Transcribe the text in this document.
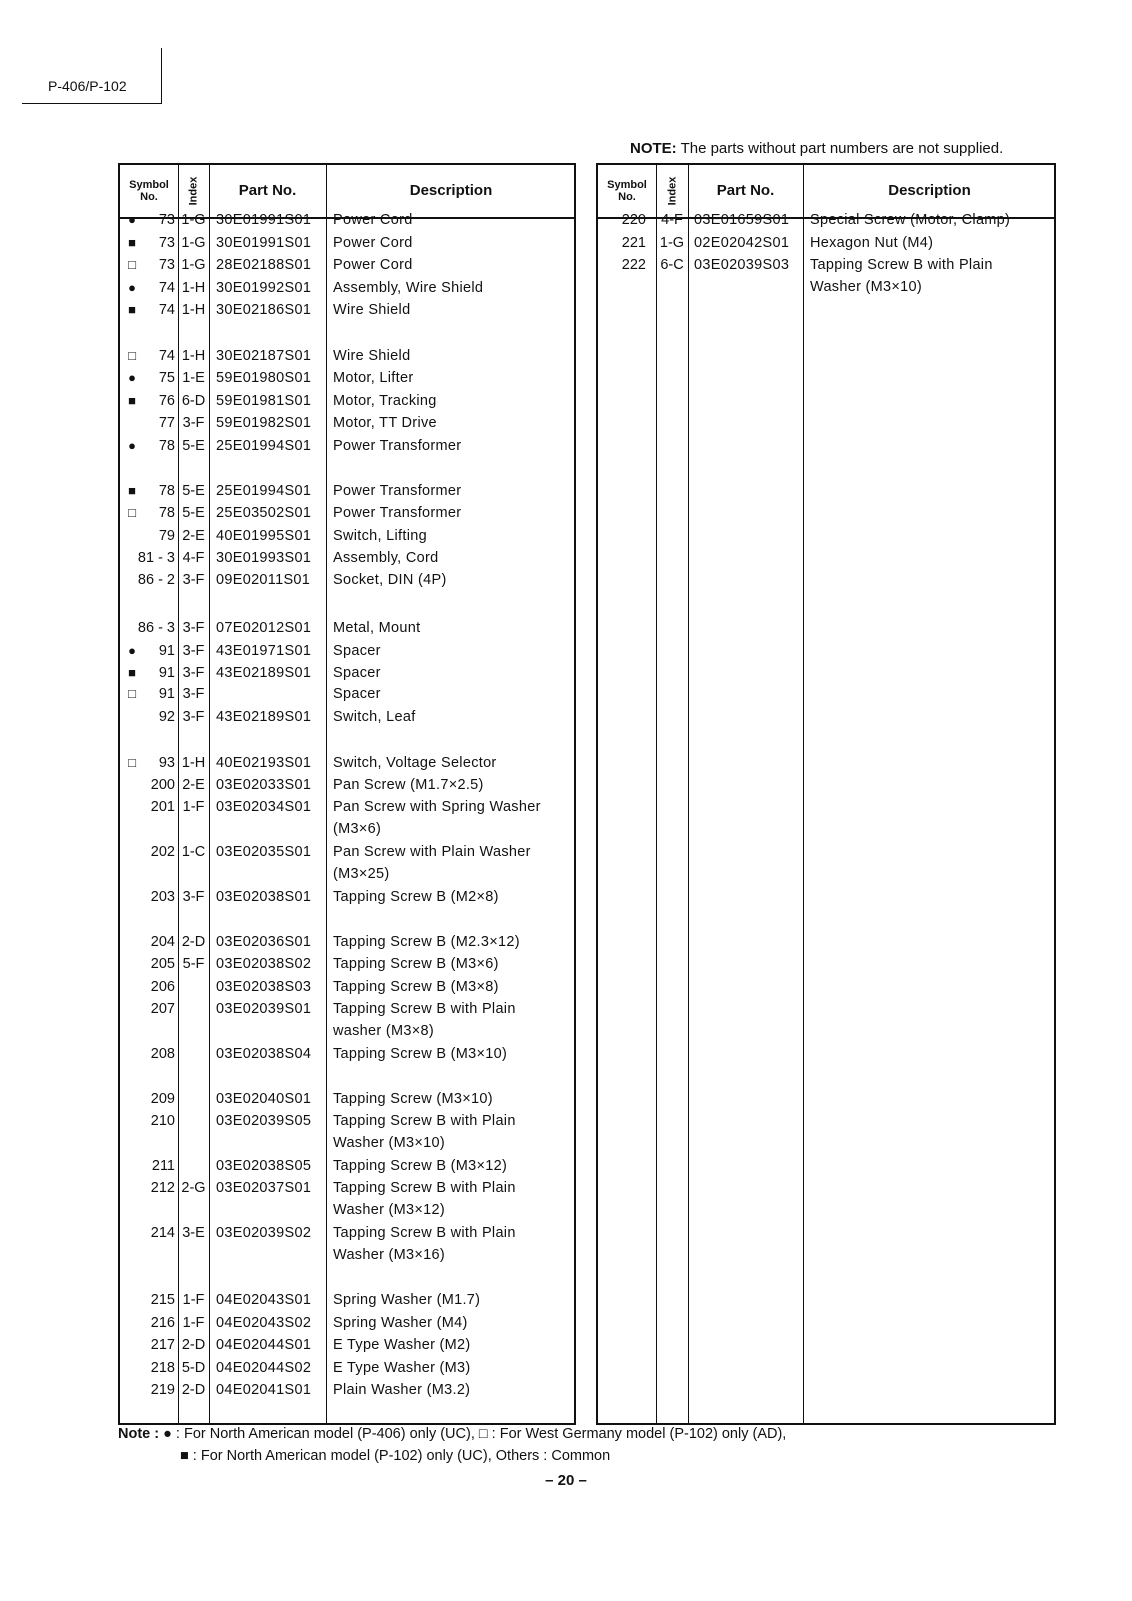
P-406/P-102
NOTE: The parts without part numbers are not supplied.
Symbol No.	Index	Part No.	Description
●	73 1-G 30E01991S01 Power Cord
■	73 1-G 30E01991S01 Power Cord
□	73 1-G 28E02188S01 Power Cord
●	74 1-H 30E01992S01 Assembly, Wire Shield
■	74 1-H 30E02186S01 Wire Shield
□	74 1-H 30E02187S01 Wire Shield
●	75 1-E 59E01980S01 Motor, Lifter
■	76 6-D 59E01981S01 Motor, Tracking
77 3-F 59E01982S01 Motor, TT Drive
●	78 5-E 25E01994S01 Power Transformer
■	78 5-E 25E01994S01 Power Transformer
□	78 5-E 25E03502S01 Power Transformer
79 2-E 40E01995S01 Switch, Lifting
81 - 3 4-F 30E01993S01 Assembly, Cord
86 - 2 3-F 09E02011S01 Socket, DIN (4P)
86 - 3 3-F 07E02012S01 Metal, Mount
●	91 3-F 43E01971S01 Spacer
■	91 3-F 43E02189S01 Spacer
□	91 3-F	Spacer
92 3-F 43E02189S01 Switch, Leaf
□	93 1-H 40E02193S01 Switch, Voltage Selector
200 2-E 03E02033S01 Pan Screw (M1.7×2.5)
201 1-F 03E02034S01 Pan Screw with Spring Washer
(M3×6)
202 1-C 03E02035S01 Pan Screw with Plain Washer
(M3×25)
203 3-F 03E02038S01 Tapping Screw B (M2×8)
204 2-D 03E02036S01 Tapping Screw B (M2.3×12)
205 5-F 03E02038S02 Tapping Screw B (M3×6)
206	03E02038S03 Tapping Screw B (M3×8)
207	03E02039S01 Tapping Screw B with Plain
washer (M3×8)
208	03E02038S04 Tapping Screw B (M3×10)
209	03E02040S01 Tapping Screw (M3×10)
210	03E02039S05 Tapping Screw B with Plain
Washer (M3×10)
211	03E02038S05 Tapping Screw B (M3×12)
212 2-G 03E02037S01 Tapping Screw B with Plain
Washer (M3×12)
214 3-E 03E02039S02 Tapping Screw B with Plain
Washer (M3×16)
215 1-F 04E02043S01 Spring Washer (M1.7)
216 1-F 04E02043S02 Spring Washer (M4)
217 2-D 04E02044S01 E Type Washer (M2)
218 5-D 04E02044S02 E Type Washer (M3)
219 2-D 04E02041S01 Plain Washer (M3.2)
Symbol No.	Index	Part No.	Description
220	4-F 03E01659S01 Special Screw (Motor, Clamp)
221 1-G 02E02042S01 Hexagon Nut (M4)
222 6-C 03E02039S03 Tapping Screw B with Plain
Washer (M3×10)
Note : ● : For North American model (P-406) only (UC), □ : For West Germany model (P-102) only (AD),
■ : For North American model (P-102) only (UC), Others : Common
– 20 –
